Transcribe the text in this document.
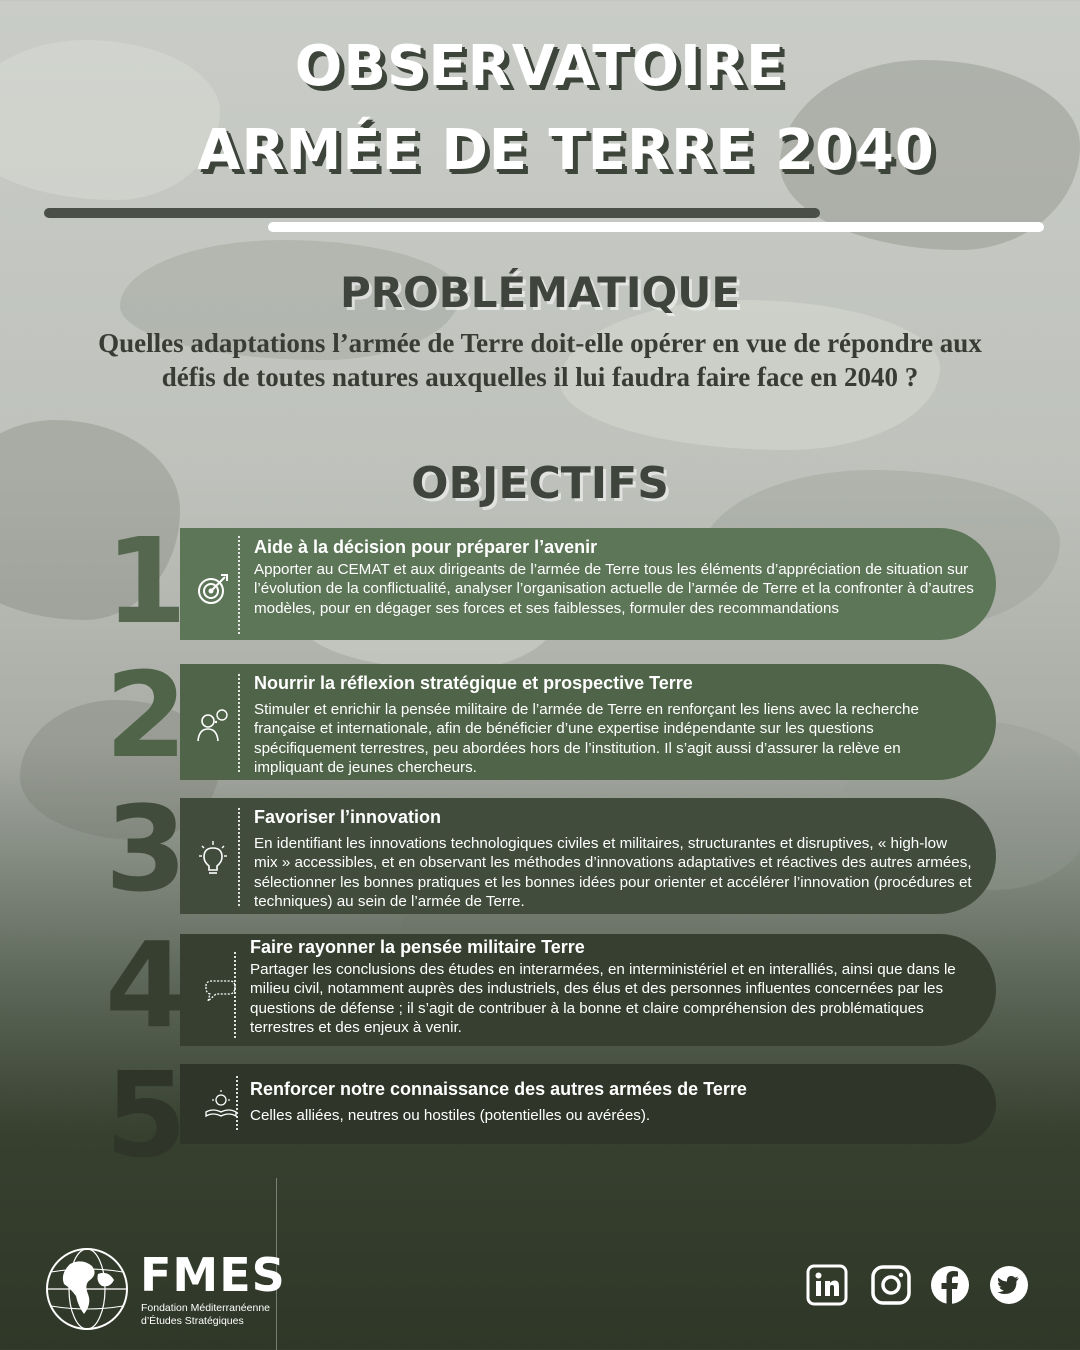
OBSERVATOIRE
ARMÉE DE TERRE 2040
PROBLÉMATIQUE
Quelles adaptations l’armée de Terre doit-elle opérer en vue de répondre aux défis de toutes natures auxquelles il lui faudra faire face en 2040 ?
OBJECTIFS
1	Aide à la décision pour préparer l’avenir
Apporter au CEMAT et aux dirigeants de l’armée de Terre tous les éléments d’appréciation de situation sur l’évolution de la conflictualité, analyser l’organisation actuelle de l’armée de Terre et la confronter à d’autres modèles, pour en dégager ses forces et ses faiblesses, formuler des recommandations
2	Nourrir la réflexion stratégique et prospective Terre
Stimuler et enrichir la pensée militaire de l’armée de Terre en renforçant les liens avec la recherche française et internationale, afin de bénéficier d’une expertise indépendante sur les questions spécifiquement terrestres, peu abordées hors de l’institution. Il s’agit aussi d’assurer la relève en impliquant de jeunes chercheurs.
3	Favoriser l’innovation
En identifiant les innovations technologiques civiles et militaires, structurantes et disruptives, « high-low mix » accessibles, et en observant les méthodes d’innovations adaptatives et réactives des autres armées, sélectionner les bonnes pratiques et les bonnes idées pour orienter et accélérer l’innovation (procédures et techniques) au sein de l’armée de Terre.
4	Faire rayonner la pensée militaire Terre
Partager les conclusions des études en interarmées, en interministériel et en interalliés, ainsi que dans le milieu civil, notamment auprès des industriels, des élus et des personnes influentes concernées par les questions de défense ; il s’agit de contribuer à la bonne et claire compréhension des problématiques terrestres et des enjeux à venir.
5	Renforcer notre connaissance des autres armées de Terre
Celles alliées, neutres ou hostiles (potentielles ou avérées).
FMES
Fondation Méditerranéenne d’Études Stratégiques
